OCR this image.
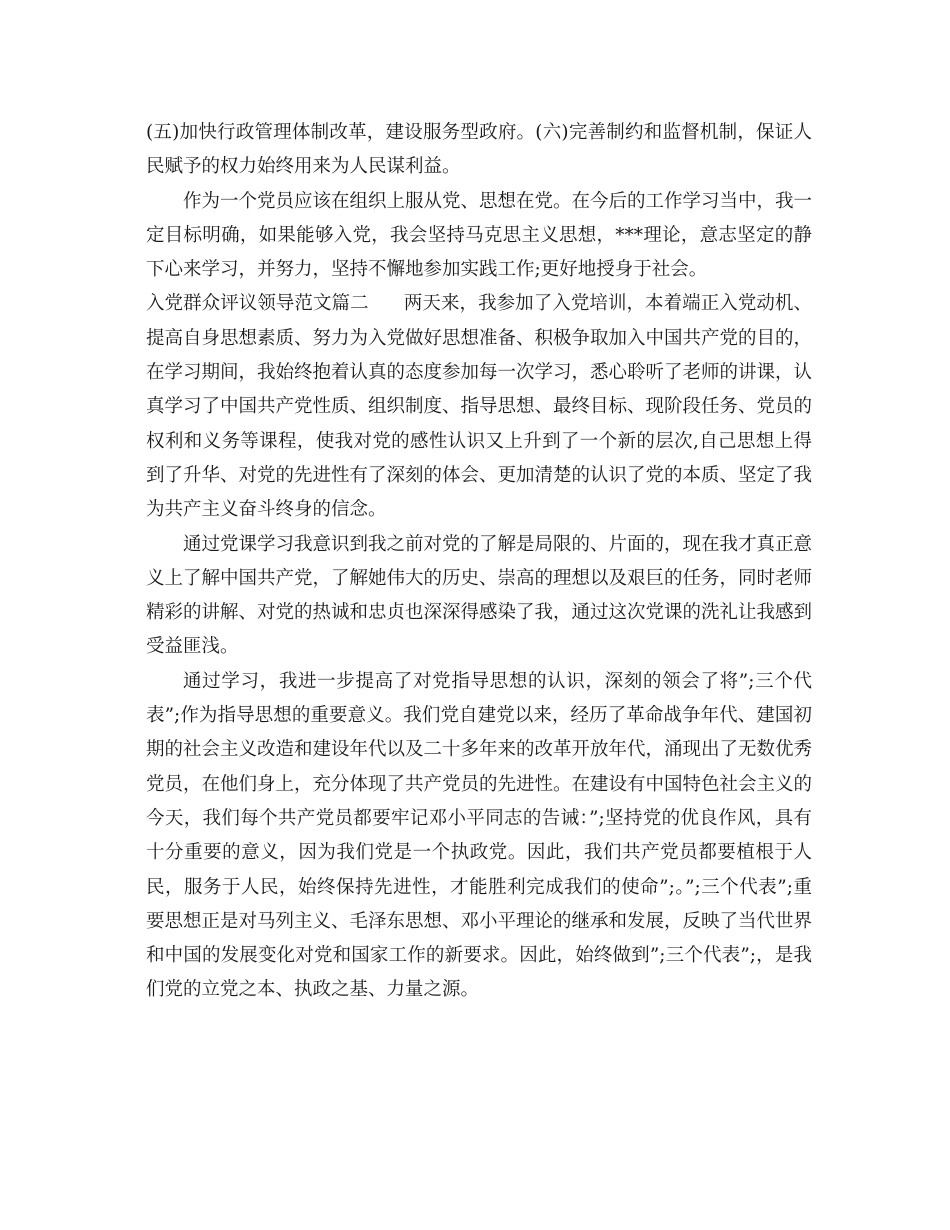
(五)加快行政管理体制改革，建设服务型政府。(六)完善制约和监督机制，保证人民赋予的权力始终用来为人民谋利益。

作为一个党员应该在组织上服从党、思想在党。在今后的工作学习当中，我一定目标明确，如果能够入党，我会坚持马克思主义思想，***理论，意志坚定的静下心来学习，并努力，坚持不懈地参加实践工作;更好地授身于社会。

入党群众评议领导范文篇二 两天来，我参加了入党培训，本着端正入党动机、提高自身思想素质、努力为入党做好思想准备、积极争取加入中国共产党的目的，在学习期间，我始终抱着认真的态度参加每一次学习，悉心聆听了老师的讲课，认真学习了中国共产党性质、组织制度、指导思想、最终目标、现阶段任务、党员的权利和义务等课程，使我对党的感性认识又上升到了一个新的层次,自己思想上得到了升华、对党的先进性有了深刻的体会、更加清楚的认识了党的本质、坚定了我为共产主义奋斗终身的信念。

通过党课学习我意识到我之前对党的了解是局限的、片面的，现在我才真正意义上了解中国共产党，了解她伟大的历史、崇高的理想以及艰巨的任务，同时老师精彩的讲解、对党的热诚和忠贞也深深得感染了我，通过这次党课的洗礼让我感到受益匪浅。

通过学习，我进一步提高了对党指导思想的认识，深刻的领会了将”;三个代表”;作为指导思想的重要意义。我们党自建党以来，经历了革命战争年代、建国初期的社会主义改造和建设年代以及二十多年来的改革开放年代，涌现出了无数优秀党员，在他们身上，充分体现了共产党员的先进性。在建设有中国特色社会主义的今天，我们每个共产党员都要牢记邓小平同志的告诫：”;坚持党的优良作风，具有十分重要的意义，因为我们党是一个执政党。因此，我们共产党员都要植根于人民，服务于人民，始终保持先进性，才能胜利完成我们的使命”;。”;三个代表”;重要思想正是对马列主义、毛泽东思想、邓小平理论的继承和发展，反映了当代世界和中国的发展变化对党和国家工作的新要求。因此，始终做到”;三个代表”;，是我们党的立党之本、执政之基、力量之源。
